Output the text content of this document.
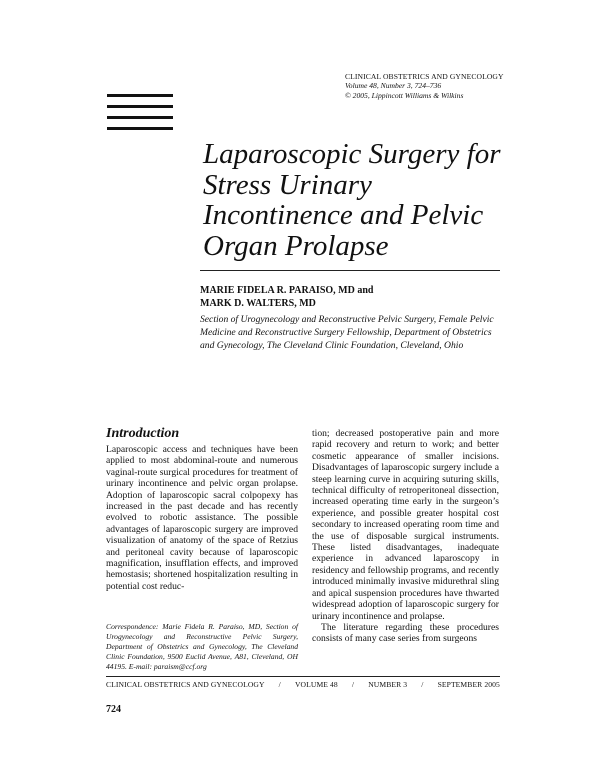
CLINICAL OBSTETRICS AND GYNECOLOGY
Volume 48, Number 3, 724–736
© 2005, Lippincott Williams & Wilkins
Laparoscopic Surgery for Stress Urinary Incontinence and Pelvic Organ Prolapse
MARIE FIDELA R. PARAISO, MD and
MARK D. WALTERS, MD
Section of Urogynecology and Reconstructive Pelvic Surgery, Female Pelvic Medicine and Reconstructive Surgery Fellowship, Department of Obstetrics and Gynecology, The Cleveland Clinic Foundation, Cleveland, Ohio
Introduction

Laparoscopic access and techniques have been applied to most abdominal-route and numerous vaginal-route surgical procedures for treatment of urinary incontinence and pelvic organ prolapse. Adoption of laparoscopic sacral colpopexy has increased in the past decade and has recently evolved to robotic assistance. The possible advantages of laparoscopic surgery are improved visualization of anatomy of the space of Retzius and peritoneal cavity because of laparoscopic magnification, insufflation effects, and improved hemostasis; shortened hospitalization resulting in potential cost reduc-

tion; decreased postoperative pain and more rapid recovery and return to work; and better cosmetic appearance of smaller incisions. Disadvantages of laparoscopic surgery include a steep learning curve in acquiring suturing skills, technical difficulty of retroperitoneal dissection, increased operating time early in the surgeon’s experience, and possible greater hospital cost secondary to increased operating room time and the use of disposable surgical instruments. These listed disadvantages, inadequate experience in advanced laparoscopy in residency and fellowship programs, and recently introduced minimally invasive midurethral sling and apical suspension procedures have thwarted widespread adoption of laparoscopic surgery for urinary incontinence and prolapse.

The literature regarding these procedures consists of many case series from surgeons

Correspondence: Marie Fidela R. Paraiso, MD, Section of Urogynecology and Reconstructive Pelvic Surgery, Department of Obstetrics and Gynecology, The Cleveland Clinic Foundation, 9500 Euclid Avenue, A81, Cleveland, OH 44195. E-mail: paraism@ccf.org
CLINICAL OBSTETRICS AND GYNECOLOGY / VOLUME 48 / NUMBER 3 / SEPTEMBER 2005
724
